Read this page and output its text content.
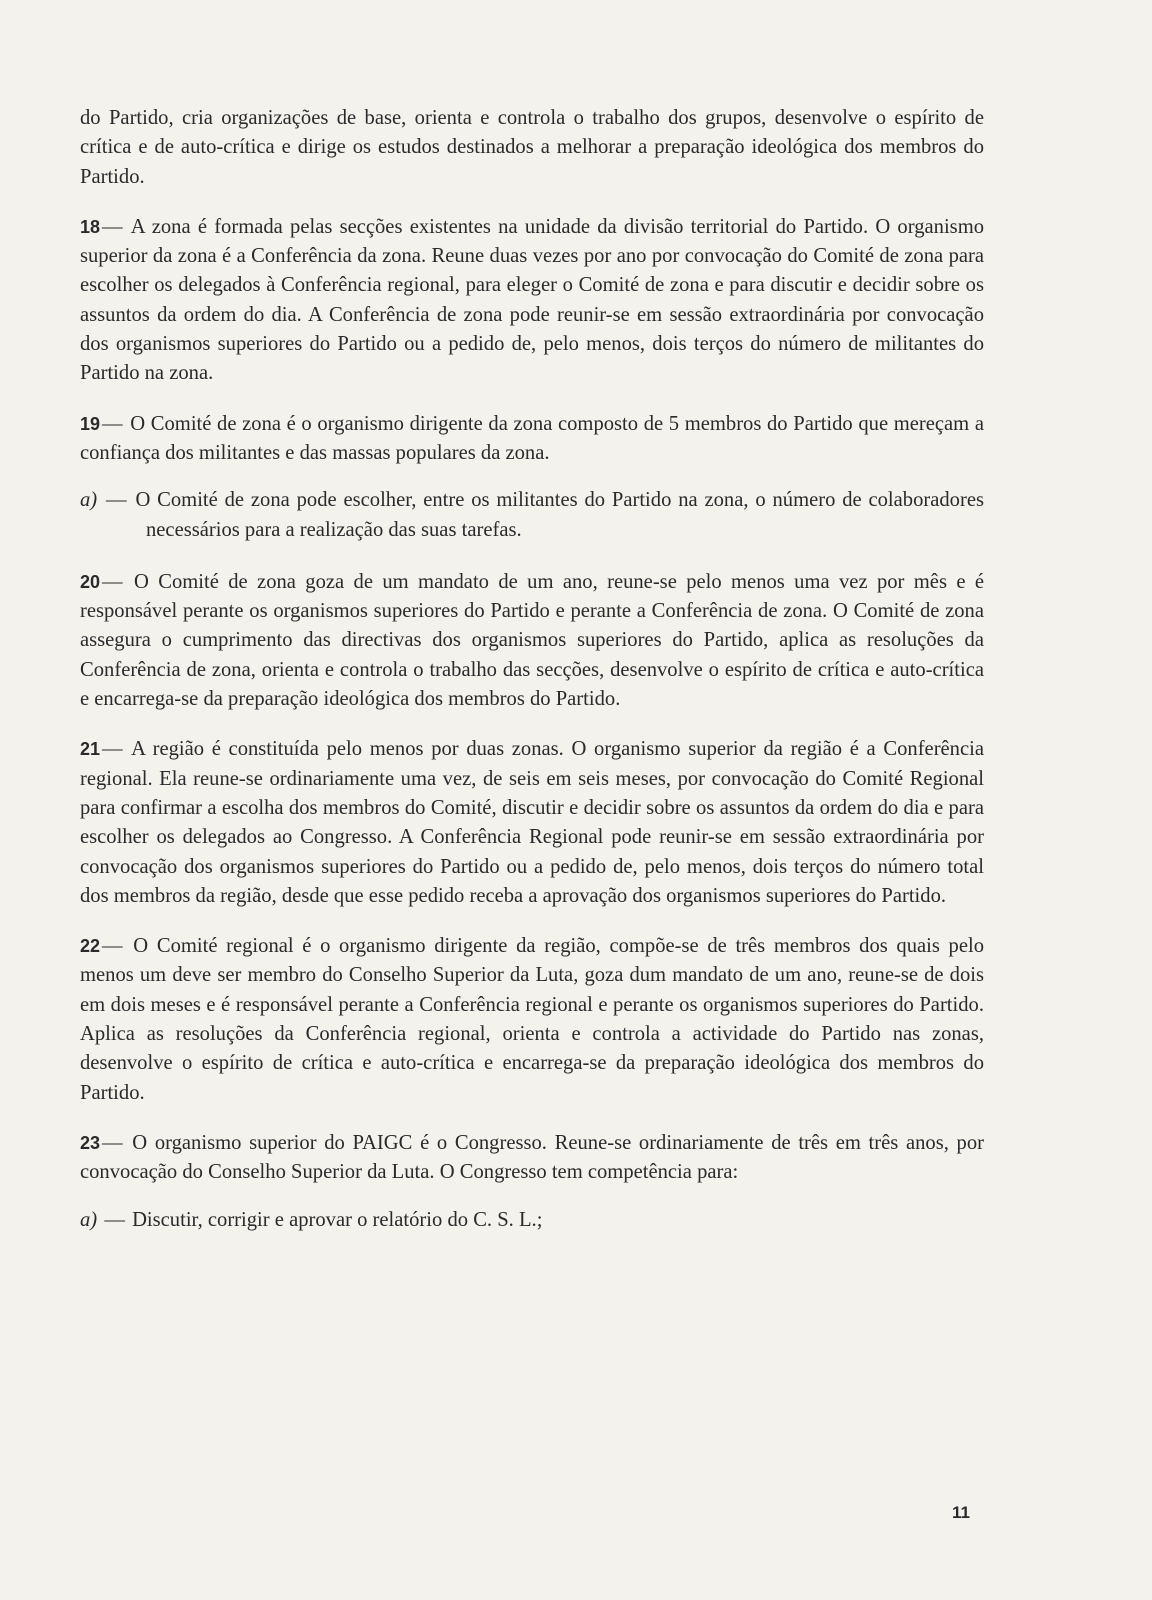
do Partido, cria organizações de base, orienta e controla o trabalho dos grupos, desenvolve o espírito de crítica e de auto-crítica e dirige os estudos destinados a melhorar a preparação ideológica dos membros do Partido.

18— A zona é formada pelas secções existentes na unidade da divisão territorial do Partido. O organismo superior da zona é a Conferência da zona. Reune duas vezes por ano por convocação do Comité de zona para escolher os delegados à Conferência regional, para eleger o Comité de zona e para discutir e decidir sobre os assuntos da ordem do dia. A Conferência de zona pode reunir-se em sessão extraordinária por convocação dos organismos superiores do Partido ou a pedido de, pelo menos, dois terços do número de militantes do Partido na zona.

19— O Comité de zona é o organismo dirigente da zona composto de 5 membros do Partido que mereçam a confiança dos militantes e das massas populares da zona.

a) — O Comité de zona pode escolher, entre os militantes do Partido na zona, o número de colaboradores necessários para a realização das suas tarefas.

20— O Comité de zona goza de um mandato de um ano, reune-se pelo menos uma vez por mês e é responsável perante os organismos superiores do Partido e perante a Conferência de zona. O Comité de zona assegura o cumprimento das directivas dos organismos superiores do Partido, aplica as resoluções da Conferência de zona, orienta e controla o trabalho das secções, desenvolve o espírito de crítica e auto-crítica e encarrega-se da preparação ideológica dos membros do Partido.

21— A região é constituída pelo menos por duas zonas. O organismo superior da região é a Conferência regional. Ela reune-se ordinariamente uma vez, de seis em seis meses, por convocação do Comité Regional para confirmar a escolha dos membros do Comité, discutir e decidir sobre os assuntos da ordem do dia e para escolher os delegados ao Congresso. A Conferência Regional pode reunir-se em sessão extraordinária por convocação dos organismos superiores do Partido ou a pedido de, pelo menos, dois terços do número total dos membros da região, desde que esse pedido receba a aprovação dos organismos superiores do Partido.

22— O Comité regional é o organismo dirigente da região, compõe-se de três membros dos quais pelo menos um deve ser membro do Conselho Superior da Luta, goza dum mandato de um ano, reune-se de dois em dois meses e é responsável perante a Conferência regional e perante os organismos superiores do Partido. Aplica as resoluções da Conferência regional, orienta e controla a actividade do Partido nas zonas, desenvolve o espírito de crítica e auto-crítica e encarrega-se da preparação ideológica dos membros do Partido.

23— O organismo superior do PAIGC é o Congresso. Reune-se ordinariamente de três em três anos, por convocação do Conselho Superior da Luta. O Congresso tem competência para:

a) — Discutir, corrigir e aprovar o relatório do C. S. L.;

11
